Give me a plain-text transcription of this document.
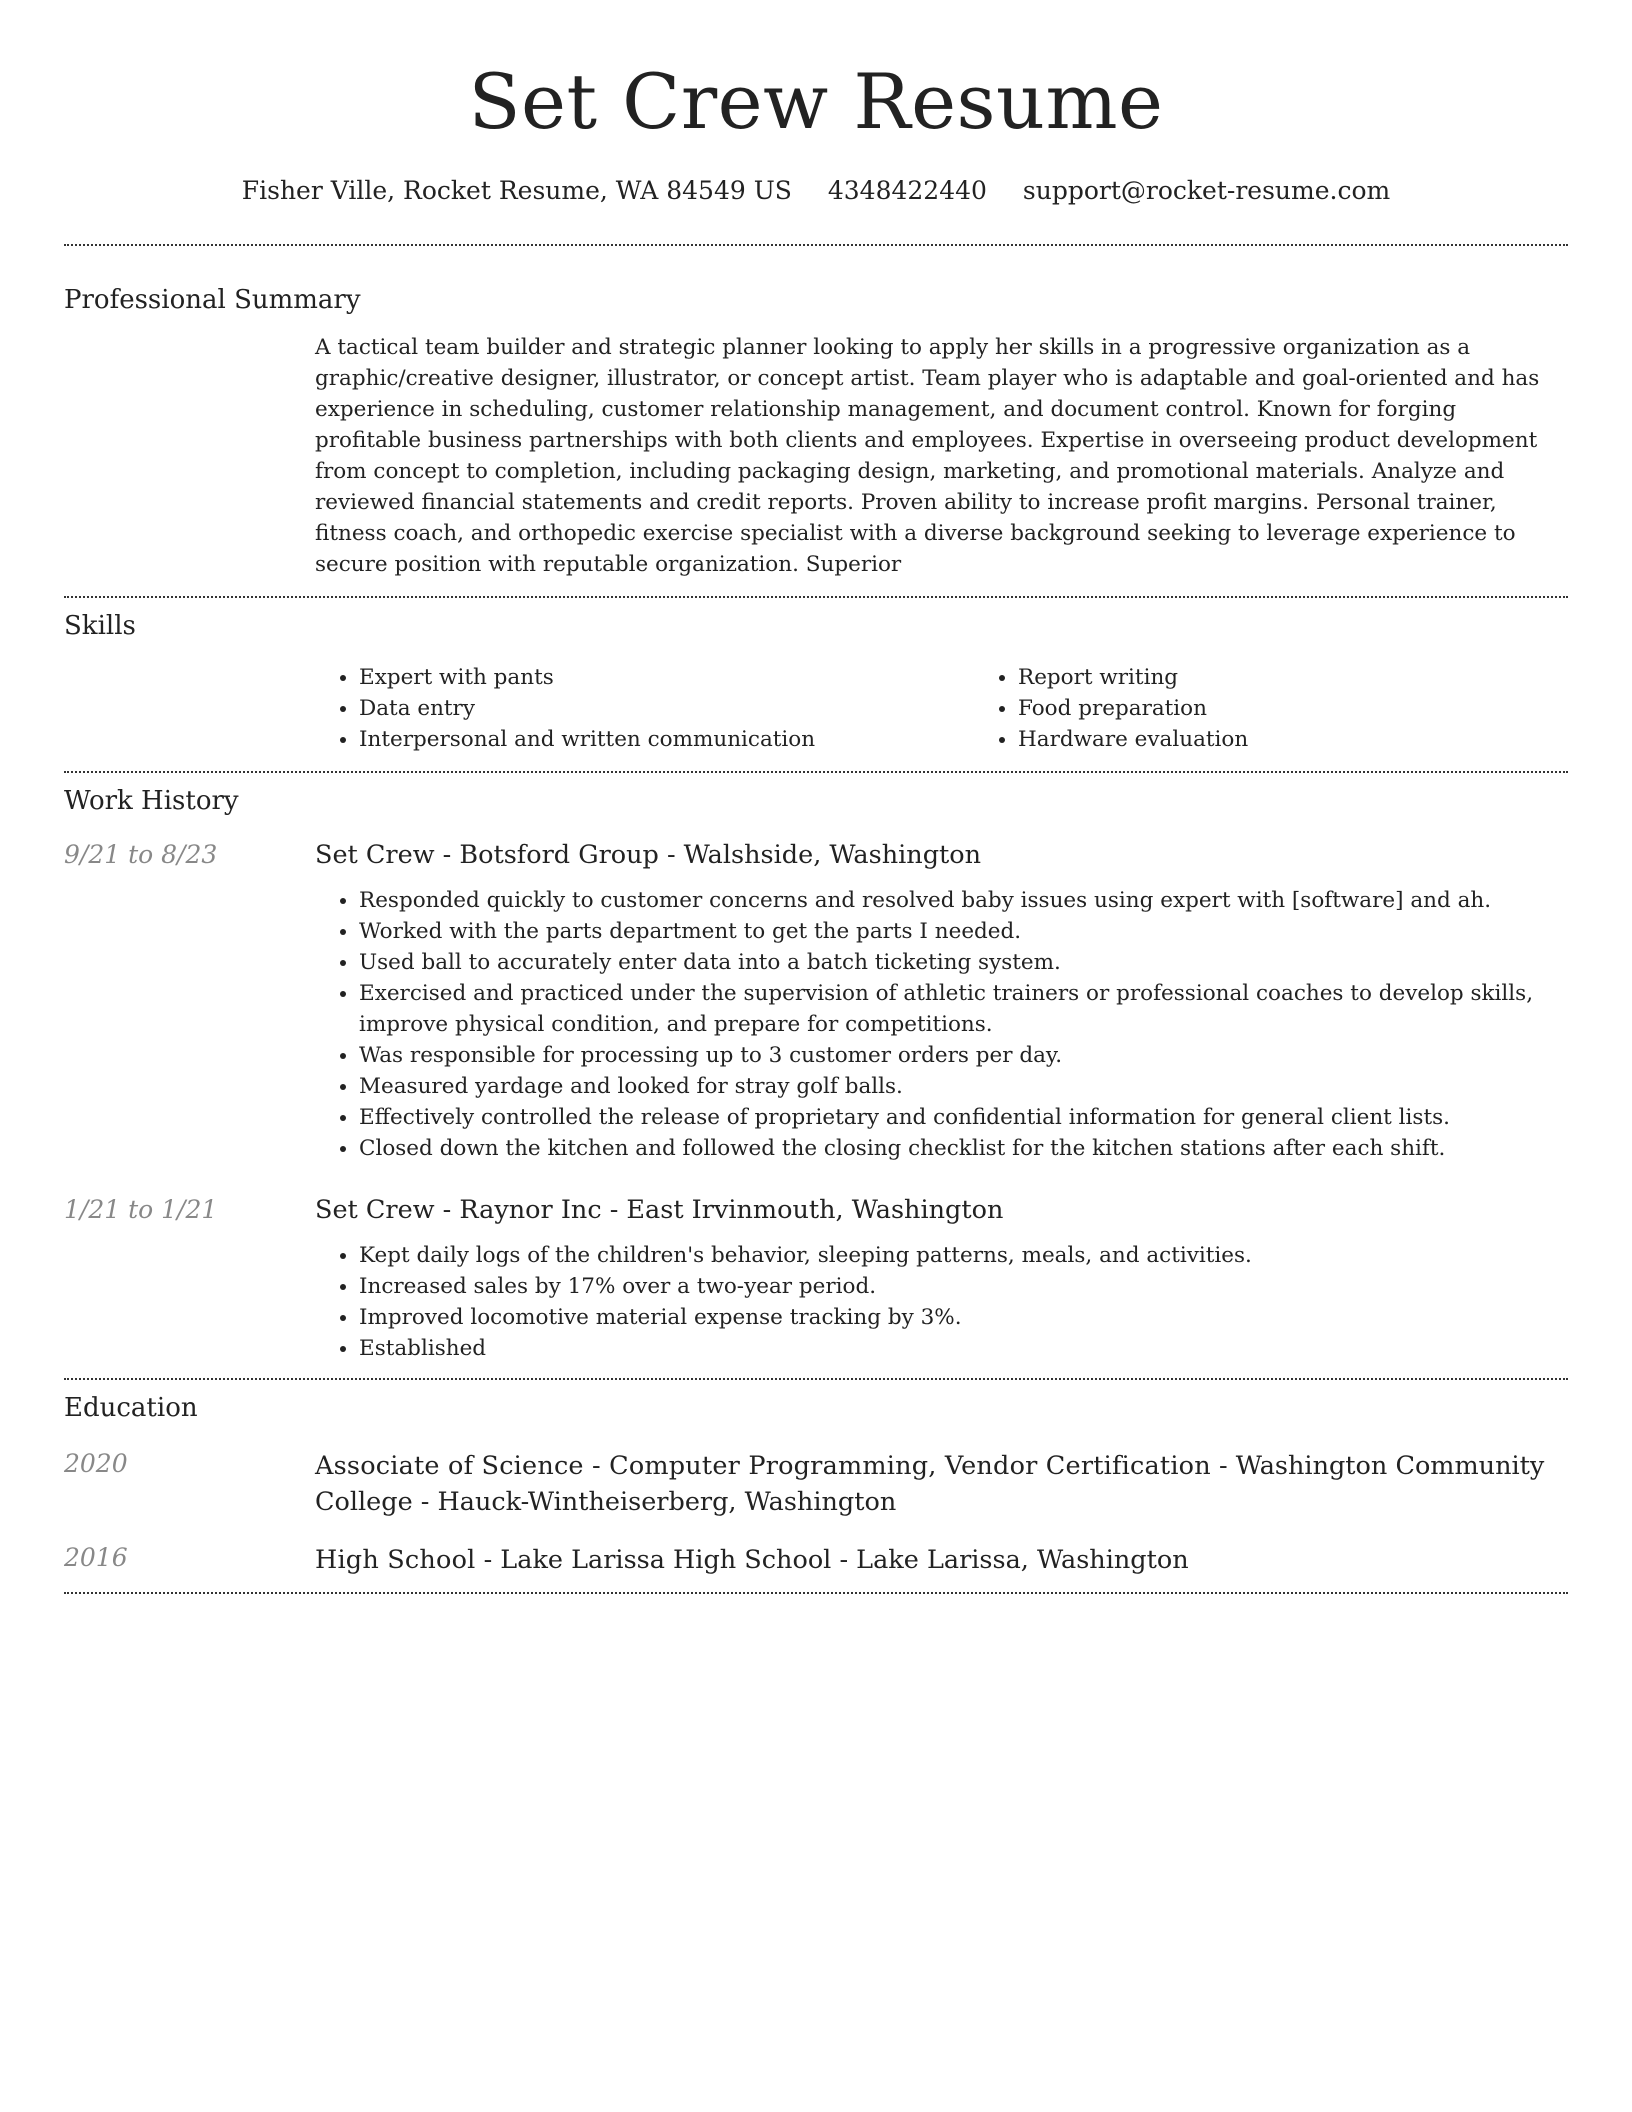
Set Crew Resume
Fisher Ville, Rocket Resume, WA 84549 US 4348422440 support@rocket-resume.com
Professional Summary

A tactical team builder and strategic planner looking to apply her skills in a progressive organization as a graphic/creative designer, illustrator, or concept artist. Team player who is adaptable and goal-oriented and has experience in scheduling, customer relationship management, and document control. Known for forging profitable business partnerships with both clients and employees. Expertise in overseeing product development from concept to completion, including packaging design, marketing, and promotional materials. Analyze and reviewed financial statements and credit reports. Proven ability to increase profit margins. Personal trainer, fitness coach, and orthopedic exercise specialist with a diverse background seeking to leverage experience to secure position with reputable organization. Superior

Skills
• Expert with pants
• Data entry
• Interpersonal and written communication
• Report writing
• Food preparation
• Hardware evaluation
Work History
9/21 to 8/23	Set Crew - Botsford Group - Walshside, Washington
• Responded quickly to customer concerns and resolved baby issues using expert with [software] and ah.
• Worked with the parts department to get the parts I needed.
• Used ball to accurately enter data into a batch ticketing system.
• Exercised and practiced under the supervision of athletic trainers or professional coaches to develop skills, improve physical condition, and prepare for competitions.
• Was responsible for processing up to 3 customer orders per day.
• Measured yardage and looked for stray golf balls.
• Effectively controlled the release of proprietary and confidential information for general client lists.
• Closed down the kitchen and followed the closing checklist for the kitchen stations after each shift.
1/21 to 1/21	Set Crew - Raynor Inc - East Irvinmouth, Washington
• Kept daily logs of the children's behavior, sleeping patterns, meals, and activities.
• Increased sales by 17% over a two-year period.
• Improved locomotive material expense tracking by 3%.
• Established
Education
2020	Associate of Science - Computer Programming, Vendor Certification - Washington Community College - Hauck-Wintheiserberg, Washington
2016	High School - Lake Larissa High School - Lake Larissa, Washington
